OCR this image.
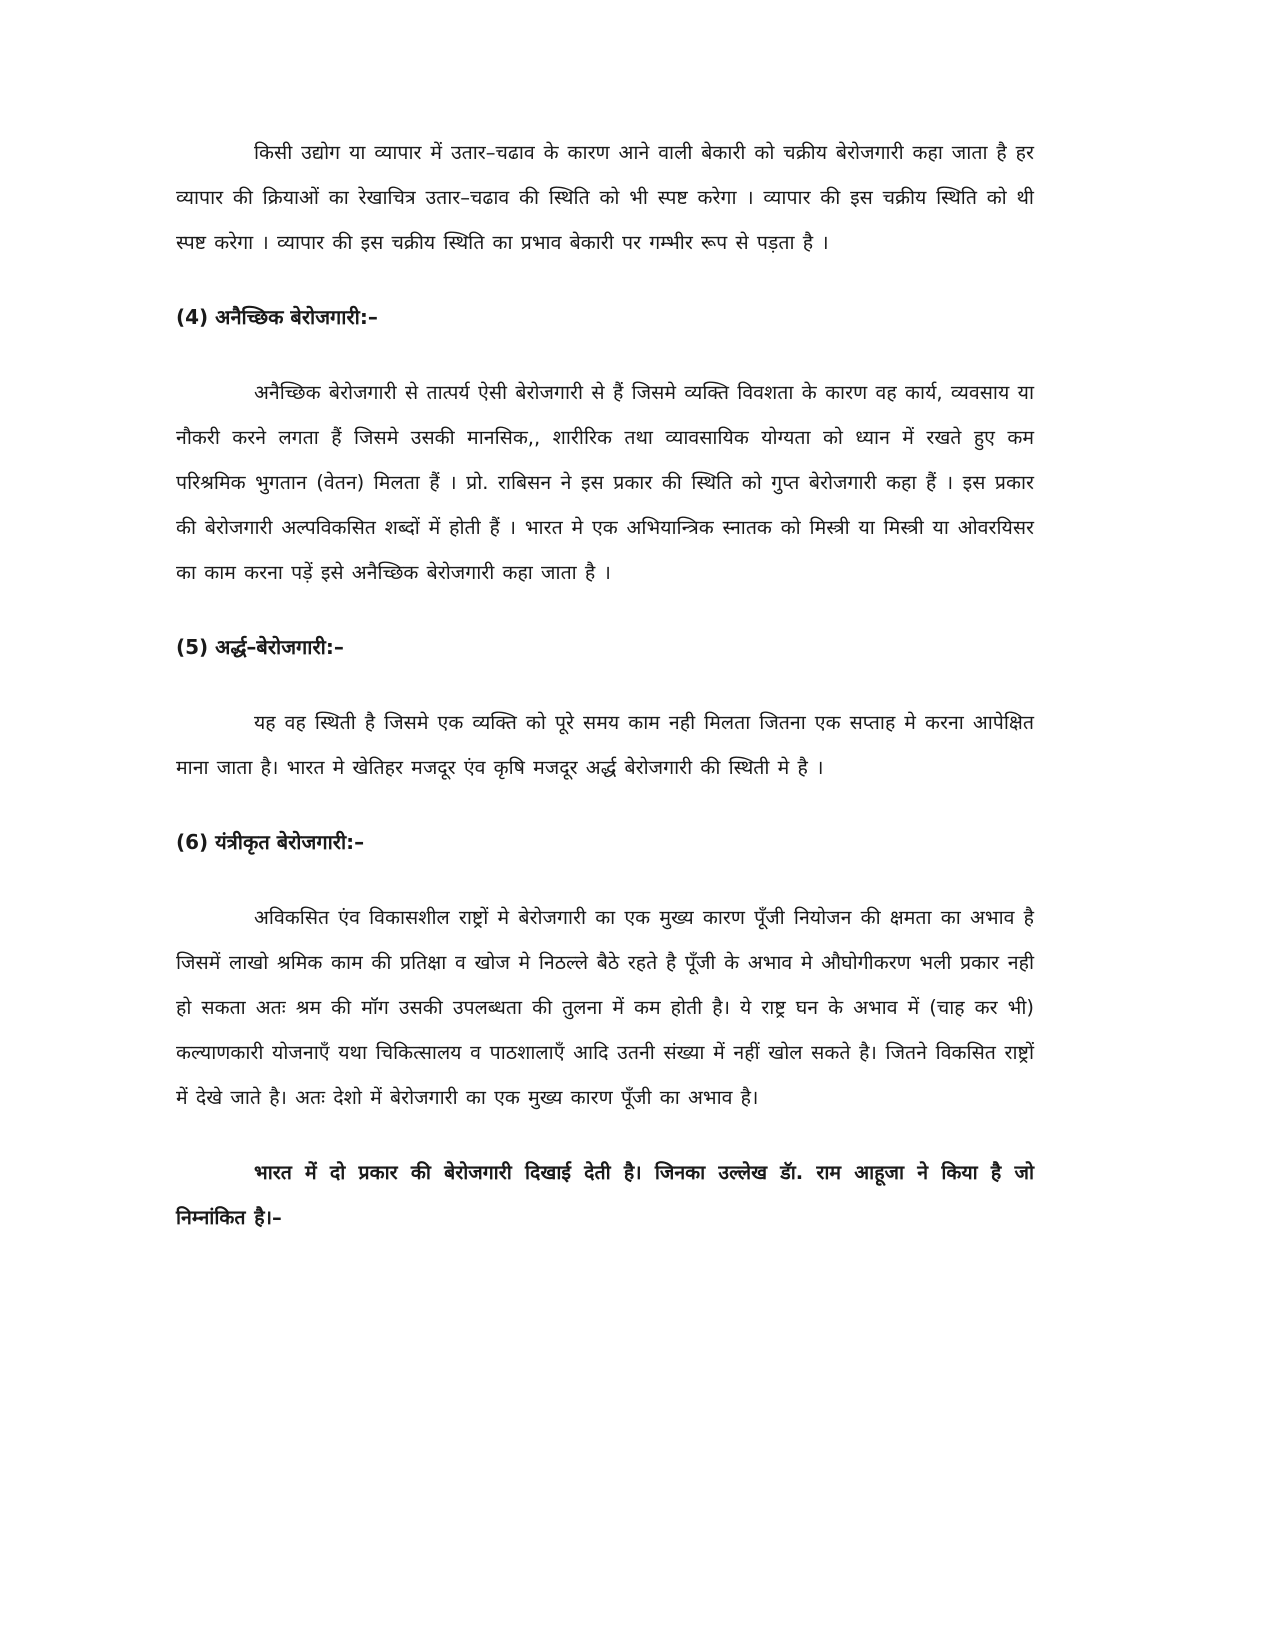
किसी उद्योग या व्यापार में उतार–चढाव के कारण आने वाली बेकारी को चक्रीय बेरोजगारी कहा जाता है हर व्यापार की क्रियाओं का रेखाचित्र उतार–चढाव की स्थिति को भी स्पष्ट करेगा । व्यापार की इस चक्रीय स्थिति को थी स्पष्ट करेगा । व्यापार की इस चक्रीय स्थिति का प्रभाव बेकारी पर गम्भीर रूप से पड़ता है ।

(4) अनैच्छिक बेरोजगारी:–

अनैच्छिक बेरोजगारी से तात्पर्य ऐसी बेरोजगारी से हैं जिसमे व्यक्ति विवशता के कारण वह कार्य, व्यवसाय या नौकरी करने लगता हैं जिसमे उसकी मानसिक,, शारीरिक तथा व्यावसायिक योग्यता को ध्यान में रखते हुए कम परिश्रमिक भुगतान (वेतन) मिलता हैं । प्रो. राबिसन ने इस प्रकार की स्थिति को गुप्त बेरोजगारी कहा हैं । इस प्रकार की बेरोजगारी अल्पविकसित शब्दों में होती हैं । भारत मे एक अभियान्त्रिक स्नातक को मिस्त्री या मिस्त्री या ओवरयिसर का काम करना पड़ें इसे अनैच्छिक बेरोजगारी कहा जाता है ।

(5) अर्द्ध–बेरोजगारी:–

यह वह स्थिती है जिसमे एक व्यक्ति को पूरे समय काम नही मिलता जितना एक सप्ताह मे करना आपेक्षित माना जाता है। भारत मे खेतिहर मजदूर एंव कृषि मजदूर अर्द्ध बेरोजगारी की स्थिती मे है ।

(6) यंत्रीकृत बेरोजगारी:–

अविकसित एंव विकासशील राष्ट्रों मे बेरोजगारी का एक मुख्य कारण पूँजी नियोजन की क्षमता का अभाव है जिसमें लाखो श्रमिक काम की प्रतिक्षा व खोज मे निठल्ले बैठे रहते है पूँजी के अभाव मे औघोगीकरण भली प्रकार नही हो सकता अतः श्रम की मॉग उसकी उपलब्धता की तुलना में कम होती है। ये राष्ट्र घन के अभाव में (चाह कर भी) कल्याणकारी योजनाएँ यथा चिकित्सालय व पाठशालाएँ आदि उतनी संख्या में नहीं खोल सकते है। जितने विकसित राष्ट्रों में देखे जाते है। अतः देशो में बेरोजगारी का एक मुख्य कारण पूँजी का अभाव है।

भारत में दो प्रकार की बेरोजगारी दिखाई देती है। जिनका उल्लेख डॅा. राम आहूजा ने किया है जो निम्नांकित है।–
